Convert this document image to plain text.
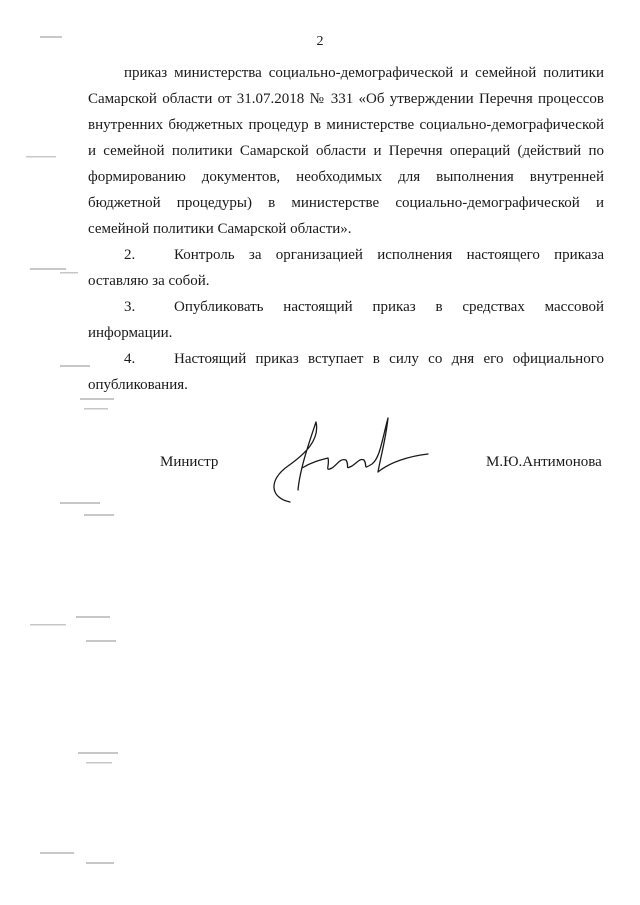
2

приказ министерства социально-демографической и семейной политики Самарской области от 31.07.2018 № 331 «Об утверждении Перечня процессов внутренних бюджетных процедур в министерстве социально-демографической и семейной политики Самарской области и Перечня операций (действий по формированию документов, необходимых для выполнения внутренней бюджетной процедуры) в министерстве социально-демографической и семейной политики Самарской области».

2.	Контроль за организацией исполнения настоящего приказа оставляю за собой.

3.	Опубликовать настоящий приказ в средствах массовой информации.

4.	Настоящий приказ вступает в силу со дня его официального опубликования.

Министр	М.Ю.Антимонова
